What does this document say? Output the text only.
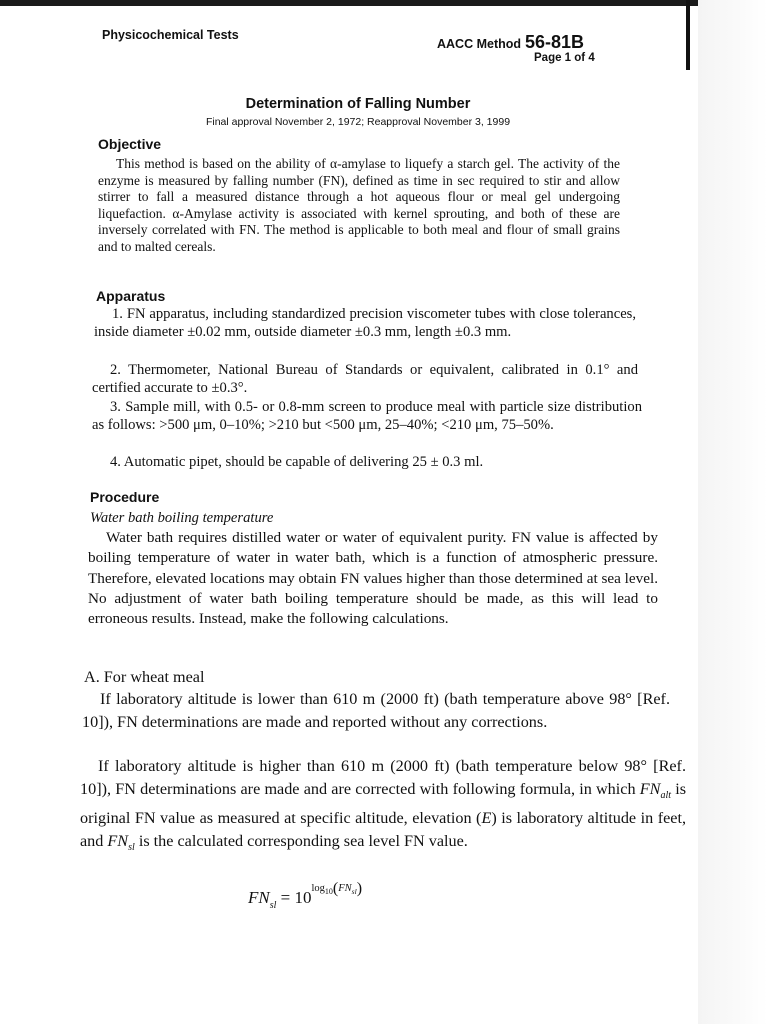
Physicochemical Tests
AACC Method 56-81B
Page 1 of 4
Determination of Falling Number
Final approval November 2, 1972; Reapproval November 3, 1999
Objective

This method is based on the ability of α-amylase to liquefy a starch gel. The activity of the enzyme is measured by falling number (FN), defined as time in sec required to stir and allow stirrer to fall a measured distance through a hot aqueous flour or meal gel undergoing liquefaction. α-Amylase activity is associated with kernel sprouting, and both of these are inversely correlated with FN. The method is applicable to both meal and flour of small grains and to malted cereals.

Apparatus

1. FN apparatus, including standardized precision viscometer tubes with close tolerances, inside diameter ±0.02 mm, outside diameter ±0.3 mm, length ±0.3 mm.

2. Thermometer, National Bureau of Standards or equivalent, calibrated in 0.1° and certified accurate to ±0.3°.

3. Sample mill, with 0.5- or 0.8-mm screen to produce meal with particle size distribution as follows: >500 μm, 0–10%; >210 but <500 μm, 25–40%; <210 μm, 75–50%.

4. Automatic pipet, should be capable of delivering 25 ± 0.3 ml.

Procedure
Water bath boiling temperature

Water bath requires distilled water or water of equivalent purity. FN value is affected by boiling temperature of water in water bath, which is a function of atmospheric pressure. Therefore, elevated locations may obtain FN values higher than those determined at sea level. No adjustment of water bath boiling temperature should be made, as this will lead to erroneous results. Instead, make the following calculations.

A. For wheat meal

If laboratory altitude is lower than 610 m (2000 ft) (bath temperature above 98° [Ref. 10]), FN determinations are made and reported without any corrections.

If laboratory altitude is higher than 610 m (2000 ft) (bath temperature below 98° [Ref. 10]), FN determinations are made and are corrected with following formula, in which $FN_{alt}$ is original FN value as measured at specific altitude, elevation (E) is laboratory altitude in feet, and $FN_{sl}$ is the calculated corresponding sea level FN value.

$FN_{sl} = 10^{log10}(^{FNsl})$
